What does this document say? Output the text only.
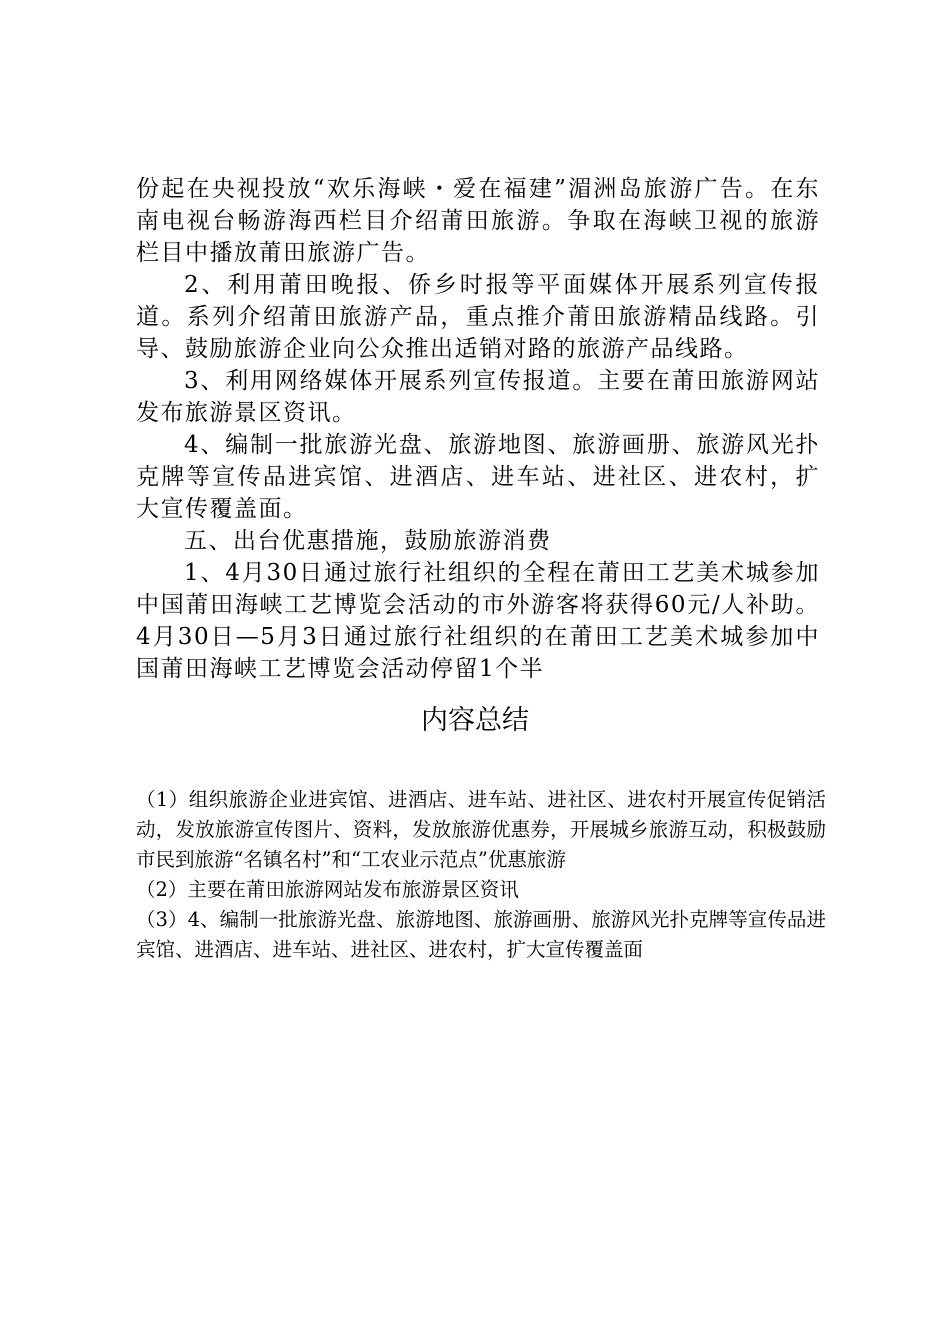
份起在央视投放“欢乐海峡・爱在福建”湄洲岛旅游广告。在东南电视台畅游海西栏目介绍莆田旅游。争取在海峡卫视的旅游栏目中播放莆田旅游广告。

2、利用莆田晚报、侨乡时报等平面媒体开展系列宣传报道。系列介绍莆田旅游产品，重点推介莆田旅游精品线路。引导、鼓励旅游企业向公众推出适销对路的旅游产品线路。

3、利用网络媒体开展系列宣传报道。主要在莆田旅游网站发布旅游景区资讯。

4、编制一批旅游光盘、旅游地图、旅游画册、旅游风光扑克牌等宣传品进宾馆、进酒店、进车站、进社区、进农村，扩大宣传覆盖面。

五、出台优惠措施，鼓励旅游消费

1、4月30日通过旅行社组织的全程在莆田工艺美术城参加中国莆田海峡工艺博览会活动的市外游客将获得60元/人补助。4月30日—5月3日通过旅行社组织的在莆田工艺美术城参加中国莆田海峡工艺博览会活动停留1个半

内容总结

（1）组织旅游企业进宾馆、进酒店、进车站、进社区、进农村开展宣传促销活动，发放旅游宣传图片、资料，发放旅游优惠券，开展城乡旅游互动，积极鼓励市民到旅游“名镇名村”和“工农业示范点”优惠旅游

（2）主要在莆田旅游网站发布旅游景区资讯

（3）4、编制一批旅游光盘、旅游地图、旅游画册、旅游风光扑克牌等宣传品进宾馆、进酒店、进车站、进社区、进农村，扩大宣传覆盖面
